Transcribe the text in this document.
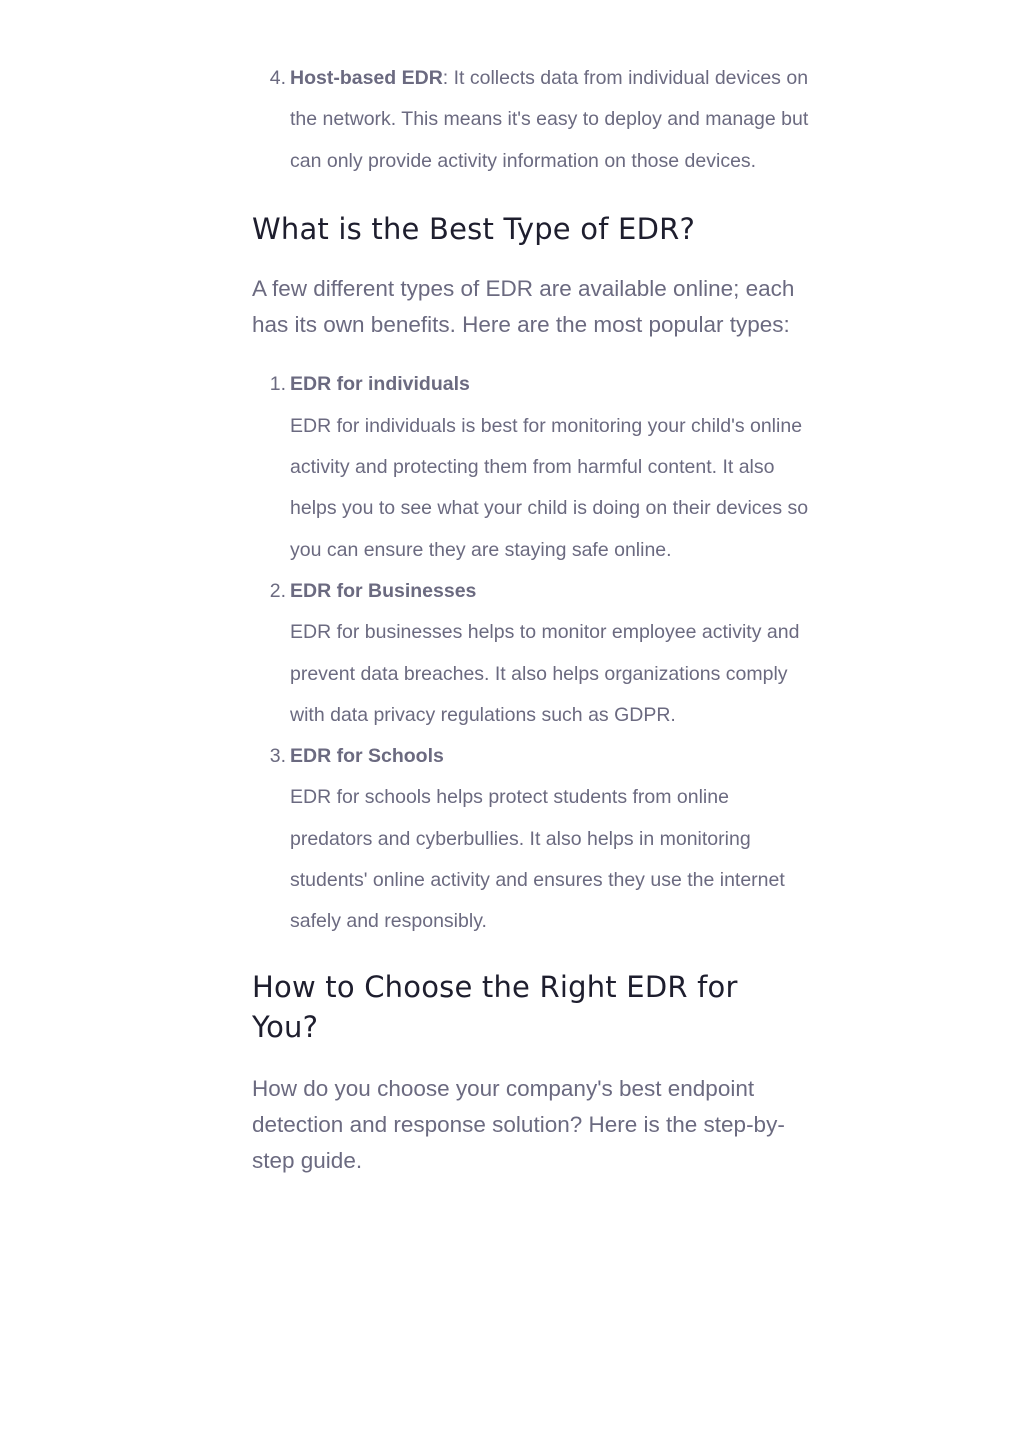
4. Host-based EDR: It collects data from individual devices on the network. This means it's easy to deploy and manage but can only provide activity information on those devices.
What is the Best Type of EDR?

A few different types of EDR are available online; each has its own benefits. Here are the most popular types:

1. EDR for individuals
EDR for individuals is best for monitoring your child's online activity and protecting them from harmful content. It also helps you to see what your child is doing on their devices so you can ensure they are staying safe online.
2. EDR for Businesses
EDR for businesses helps to monitor employee activity and prevent data breaches. It also helps organizations comply with data privacy regulations such as GDPR.
3. EDR for Schools
EDR for schools helps protect students from online predators and cyberbullies. It also helps in monitoring students' online activity and ensures they use the internet safely and responsibly.
How to Choose the Right EDR for You?

How do you choose your company's best endpoint detection and response solution? Here is the step-by-step guide.
